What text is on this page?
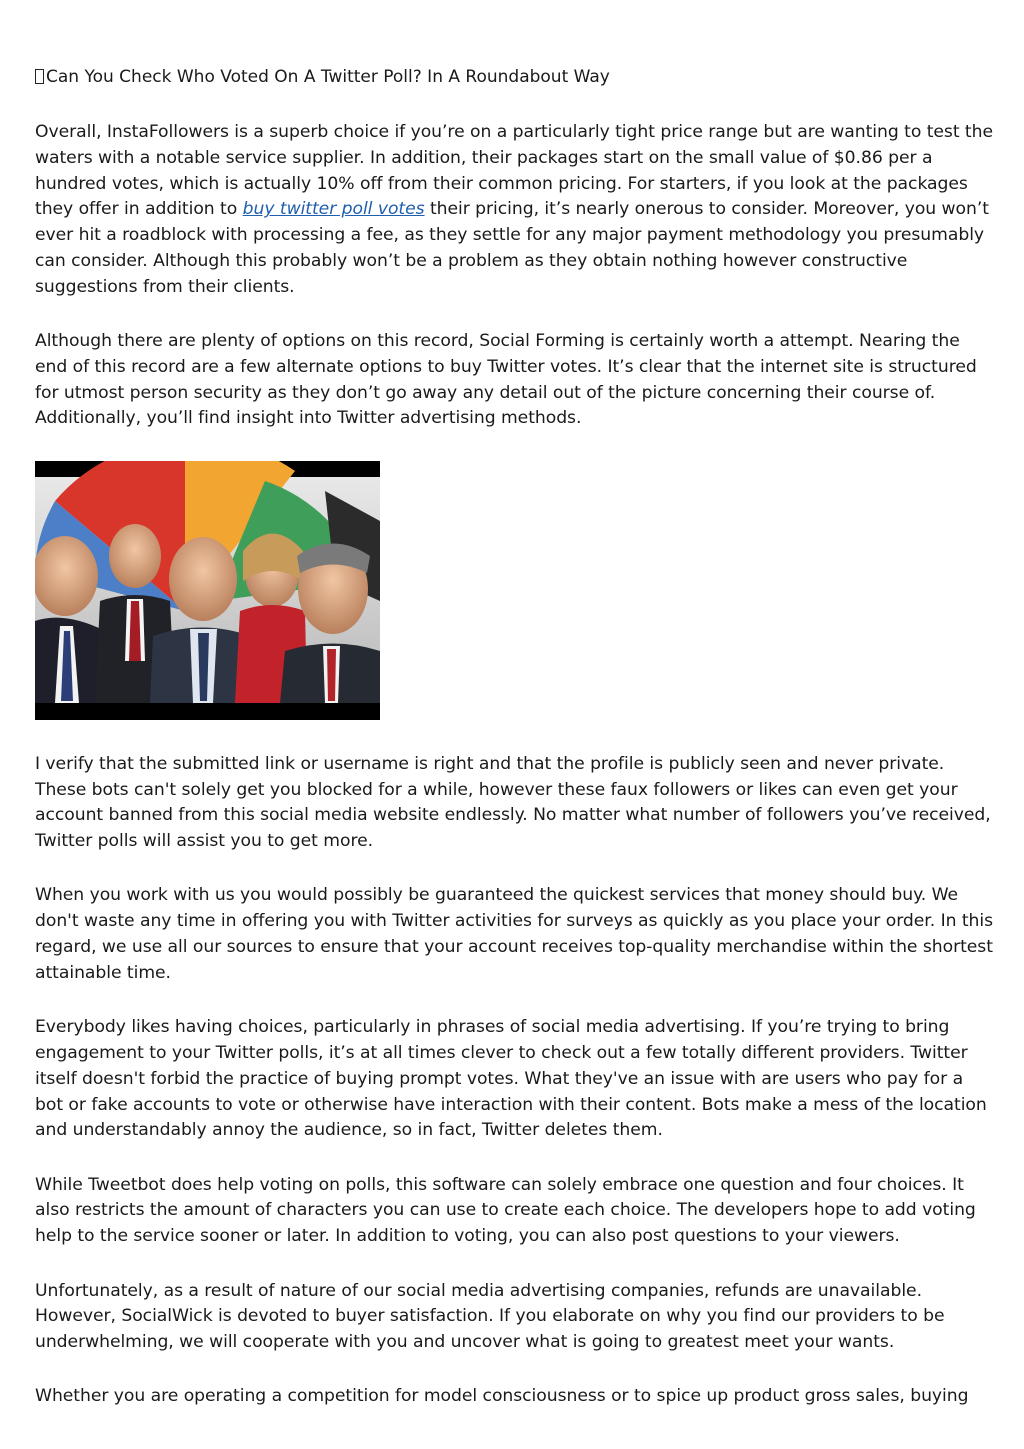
Can You Check Who Voted On A Twitter Poll? In A Roundabout Way

Overall, InstaFollowers is a superb choice if you’re on a particularly tight price range but are wanting to test the waters with a notable service supplier. In addition, their packages start on the small value of $0.86 per a hundred votes, which is actually 10% off from their common pricing. For starters, if you look at the packages they offer in addition to buy twitter poll votes their pricing, it’s nearly onerous to consider. Moreover, you won’t ever hit a roadblock with processing a fee, as they settle for any major payment methodology you presumably can consider. Although this probably won’t be a problem as they obtain nothing however constructive suggestions from their clients.

Although there are plenty of options on this record, Social Forming is certainly worth a attempt. Nearing the end of this record are a few alternate options to buy Twitter votes. It’s clear that the internet site is structured for utmost person security as they don’t go away any detail out of the picture concerning their course of. Additionally, you’ll find insight into Twitter advertising methods.

I verify that the submitted link or username is right and that the profile is publicly seen and never private. These bots can't solely get you blocked for a while, however these faux followers or likes can even get your account banned from this social media website endlessly. No matter what number of followers you’ve received, Twitter polls will assist you to get more.

When you work with us you would possibly be guaranteed the quickest services that money should buy. We don't waste any time in offering you with Twitter activities for surveys as quickly as you place your order. In this regard, we use all our sources to ensure that your account receives top-quality merchandise within the shortest attainable time.

Everybody likes having choices, particularly in phrases of social media advertising. If you’re trying to bring engagement to your Twitter polls, it’s at all times clever to check out a few totally different providers. Twitter itself doesn't forbid the practice of buying prompt votes. What they've an issue with are users who pay for a bot or fake accounts to vote or otherwise have interaction with their content. Bots make a mess of the location and understandably annoy the audience, so in fact, Twitter deletes them.

While Tweetbot does help voting on polls, this software can solely embrace one question and four choices. It also restricts the amount of characters you can use to create each choice. The developers hope to add voting help to the service sooner or later. In addition to voting, you can also post questions to your viewers.

Unfortunately, as a result of nature of our social media advertising companies, refunds are unavailable. However, SocialWick is devoted to buyer satisfaction. If you elaborate on why you find our providers to be underwhelming, we will cooperate with you and uncover what is going to greatest meet your wants.

Whether you are operating a competition for model consciousness or to spice up product gross sales, buying
